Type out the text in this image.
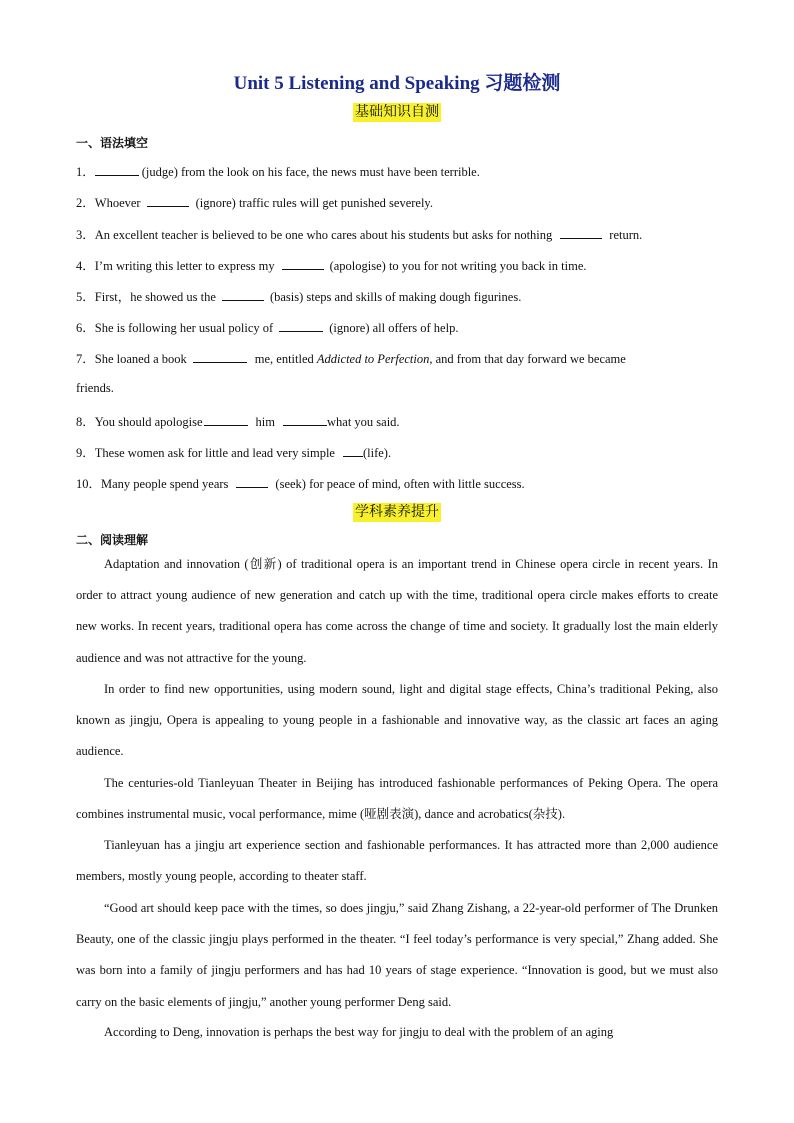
Unit 5 Listening and Speaking 习题检测
基础知识自测
一、语法填空
1．	(judge) from the look on his face, the news must have been terrible.
2．Whoever	(ignore) traffic rules will get punished severely.
3．An excellent teacher is believed to be one who cares about his students but asks for nothing	return.
4．I’m writing this letter to express my	(apologise) to you for not writing you back in time.
5．First，he showed us the	(basis) steps and skills of making dough figurines.
6．She is following her usual policy of	(ignore) all offers of help.
7．She loaned a book	me, entitled Addicted to Perfection, and from that day forward we became
friends.
8．You should apologise	him	what you said.
9．These women ask for little and lead very simple (life).
10．Many people spend years	(seek) for peace of mind, often with little success.
学科素养提升
二、阅读理解

Adaptation and innovation (创新) of traditional opera is an important trend in Chinese opera circle in recent years. In order to attract young audience of new generation and catch up with the time, traditional opera circle makes efforts to create new works. In recent years, traditional opera has come across the change of time and society. It gradually lost the main elderly audience and was not attractive for the young.

In order to find new opportunities, using modern sound, light and digital stage effects, China’s traditional Peking, also known as jingju, Opera is appealing to young people in a fashionable and innovative way, as the classic art faces an aging audience.

The centuries-old Tianleyuan Theater in Beijing has introduced fashionable performances of Peking Opera. The opera combines instrumental music, vocal performance, mime (哑剧表演), dance and acrobatics(杂技).

Tianleyuan has a jingju art experience section and fashionable performances. It has attracted more than 2,000 audience members, mostly young people, according to theater staff.

“Good art should keep pace with the times, so does jingju,” said Zhang Zishang, a 22-year-old performer of The Drunken Beauty, one of the classic jingju plays performed in the theater. “I feel today’s performance is very special,” Zhang added. She was born into a family of jingju performers and has had 10 years of stage experience. “Innovation is good, but we must also carry on the basic elements of jingju,” another young performer Deng said.

According to Deng, innovation is perhaps the best way for jingju to deal with the problem of an aging
